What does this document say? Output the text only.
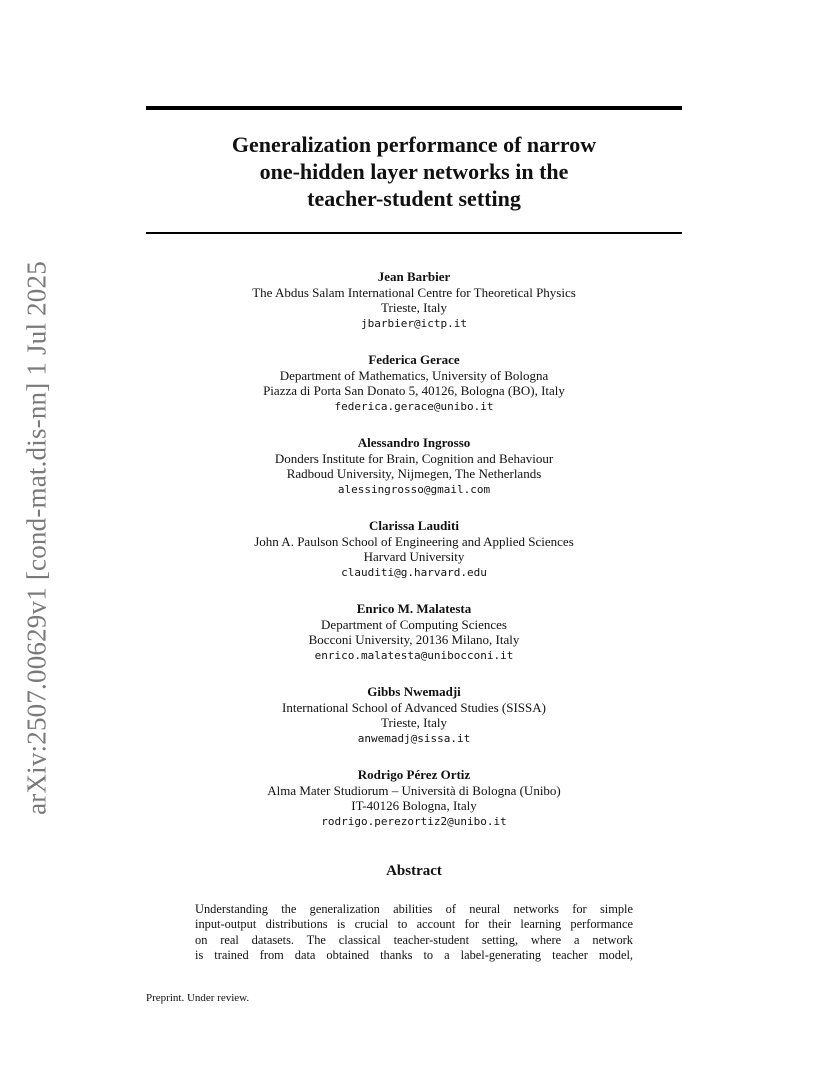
arXiv:2507.00629v1 [cond-mat.dis-nn] 1 Jul 2025
Generalization performance of narrow
one-hidden layer networks in the
teacher-student setting
Jean Barbier
The Abdus Salam International Centre for Theoretical Physics
Trieste, Italy
jbarbier@ictp.it
Federica Gerace
Department of Mathematics, University of Bologna
Piazza di Porta San Donato 5, 40126, Bologna (BO), Italy
federica.gerace@unibo.it
Alessandro Ingrosso
Donders Institute for Brain, Cognition and Behaviour
Radboud University, Nijmegen, The Netherlands
alessingrosso@gmail.com
Clarissa Lauditi
John A. Paulson School of Engineering and Applied Sciences
Harvard University
clauditi@g.harvard.edu
Enrico M. Malatesta
Department of Computing Sciences
Bocconi University, 20136 Milano, Italy
enrico.malatesta@unibocconi.it
Gibbs Nwemadji
International School of Advanced Studies (SISSA)
Trieste, Italy
anwemadj@sissa.it
Rodrigo Pérez Ortiz
Alma Mater Studiorum – Università di Bologna (Unibo)
IT-40126 Bologna, Italy
rodrigo.perezortiz2@unibo.it
Abstract
Understanding the generalization abilities of neural networks for simple
input-output distributions is crucial to account for their learning performance
on real datasets. The classical teacher-student setting, where a network
is trained from data obtained thanks to a label-generating teacher model,
Preprint. Under review.
